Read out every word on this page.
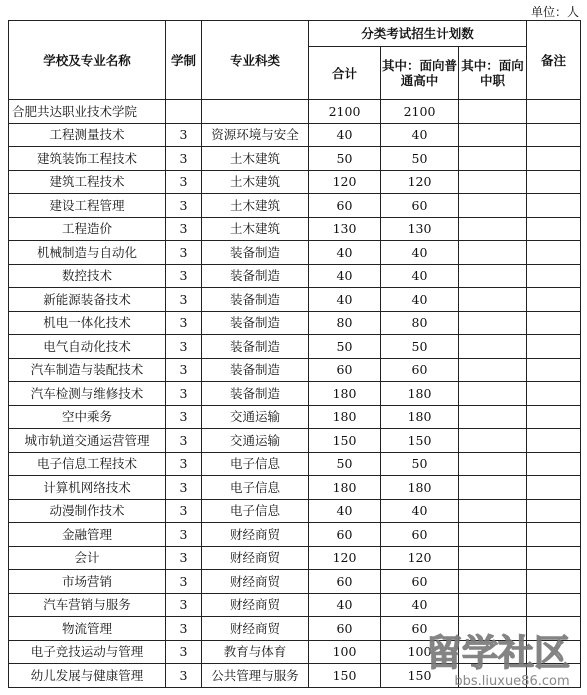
单位：人
学校及专业名称	学制	专业科类	分类考试招生计划数			备注
			合计	其中：面向普通高中	其中：面向中职	
合肥共达职业技术学院			2100	2100		
工程测量技术	3	资源环境与安全	40	40		
建筑装饰工程技术	3	土木建筑	50	50		
建筑工程技术	3	土木建筑	120	120		
建设工程管理	3	土木建筑	60	60		
工程造价	3	土木建筑	130	130		
机械制造与自动化	3	装备制造	40	40		
数控技术	3	装备制造	40	40		
新能源装备技术	3	装备制造	40	40		
机电一体化技术	3	装备制造	80	80		
电气自动化技术	3	装备制造	50	50		
汽车制造与装配技术	3	装备制造	60	60		
汽车检测与维修技术	3	装备制造	180	180		
空中乘务	3	交通运输	180	180		
城市轨道交通运营管理	3	交通运输	150	150		
电子信息工程技术	3	电子信息	50	50		
计算机网络技术	3	电子信息	180	180		
动漫制作技术	3	电子信息	40	40		
金融管理	3	财经商贸	60	60		
会计	3	财经商贸	120	120		
市场营销	3	财经商贸	60	60		
汽车营销与服务	3	财经商贸	40	40		
物流管理	3	财经商贸	60	60		
电子竞技运动与管理	3	教育与体育	100	100		
幼儿发展与健康管理	3	公共管理与服务	150	150		
留学社区
bbs.liuxue86.com
